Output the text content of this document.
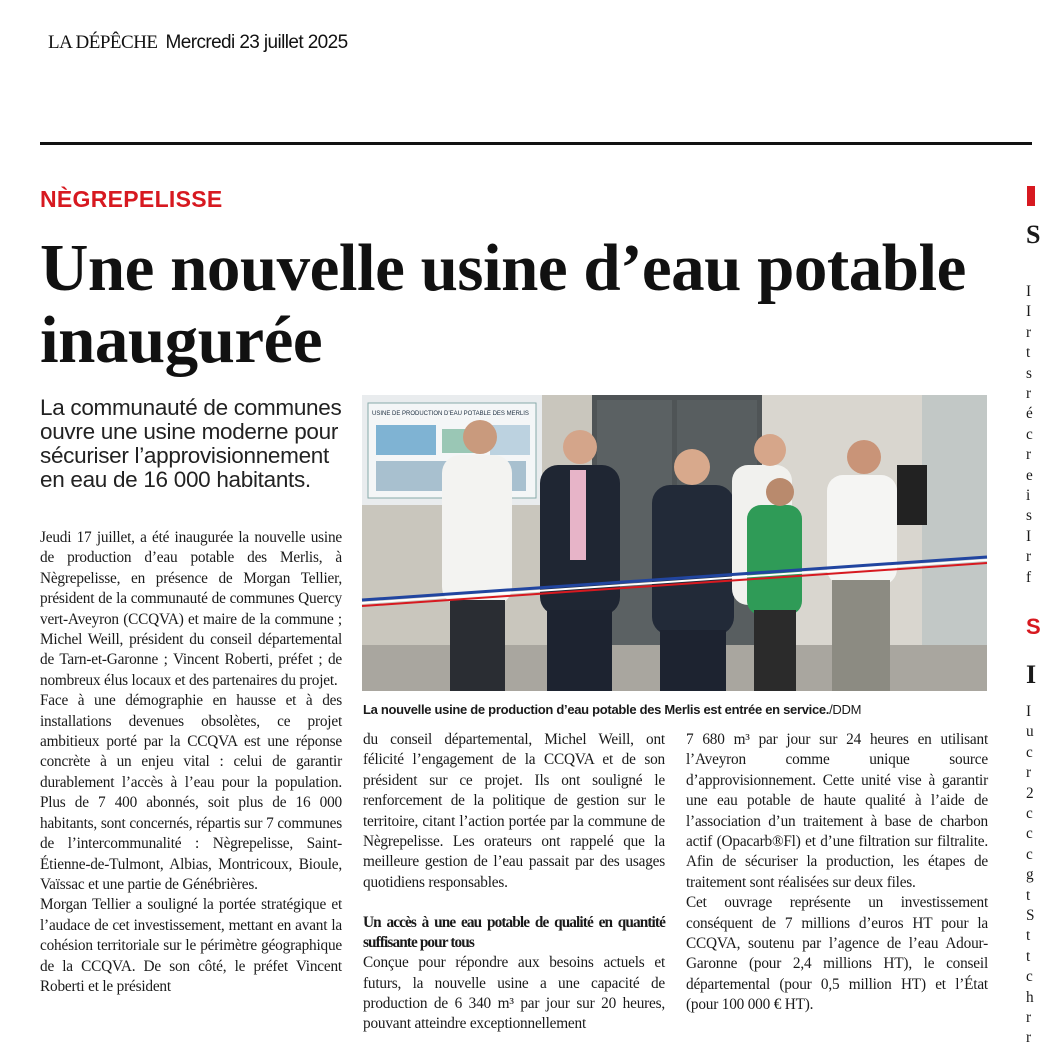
LA DÉPÊCHE Mercredi 23 juillet 2025
NÈGREPELISSE
Une nouvelle usine d’eau potable inaugurée
La communauté de communes ouvre une usine moderne pour sécuriser l’approvisionnement en eau de 16 000 habitants.

Jeudi 17 juillet, a été inaugurée la nouvelle usine de production d’eau potable des Merlis, à Nègrepelisse, en présence de Morgan Tellier, président de la communauté de communes Quercy vert-Aveyron (CCQVA) et maire de la commune ; Michel Weill, président du conseil départemental de Tarn-et-Garonne ; Vincent Roberti, préfet ; de nombreux élus locaux et des partenaires du projet.

Face à une démographie en hausse et à des installations devenues obsolètes, ce projet ambitieux porté par la CCQVA est une réponse concrète à un enjeu vital : celui de garantir durablement l’accès à l’eau pour la population. Plus de 7 400 abonnés, soit plus de 16 000 habitants, sont concernés, répartis sur 7 communes de l’intercommunalité : Nègrepelisse, Saint-Étienne-de-Tulmont, Albias, Montricoux, Bioule, Vaïssac et une partie de Génébrières.

Morgan Tellier a souligné la portée stratégique et l’audace de cet investissement, mettant en avant la cohésion territoriale sur le périmètre géographique de la CCQVA. De son côté, le préfet Vincent Roberti et le président

USINE DE PRODUCTION D’EAU POTABLE DES MERLIS
La nouvelle usine de production d’eau potable des Merlis est entrée en service./DDM

du conseil départemental, Michel Weill, ont félicité l’engagement de la CCQVA et de son président sur ce projet. Ils ont souligné le renforcement de la politique de gestion sur le territoire, citant l’action portée par la commune de Nègrepelisse. Les orateurs ont rappelé que la meilleure gestion de l’eau passait par des usages quotidiens responsables.

Un accès à une eau potable de qualité en quantité suffisante pour tous

Conçue pour répondre aux besoins actuels et futurs, la nouvelle usine a une capacité de production de 6 340 m³ par jour sur 20 heures, pouvant atteindre exceptionnellement

7 680 m³ par jour sur 24 heures en utilisant l’Aveyron comme unique source d’approvisionnement. Cette unité vise à garantir une eau potable de haute qualité à l’aide de l’association d’un traitement à base de charbon actif (Opacarb®Fl) et d’une filtration sur filtralite. Afin de sécuriser la production, les étapes de traitement sont réalisées sur deux files.

Cet ouvrage représente un investissement conséquent de 7 millions d’euros HT pour la CCQVA, soutenu par l’agence de l’eau Adour-Garonne (pour 2,4 millions HT), le conseil départemental (pour 0,5 million HT) et l’État (pour 100 000 € HT).

S
I
I
r
t
s
r
é
c
r
e
i
s
I
r
f
S
I
I
u
c
r
2
c
c
c
g
t
S
t
t
c
h
r
r
